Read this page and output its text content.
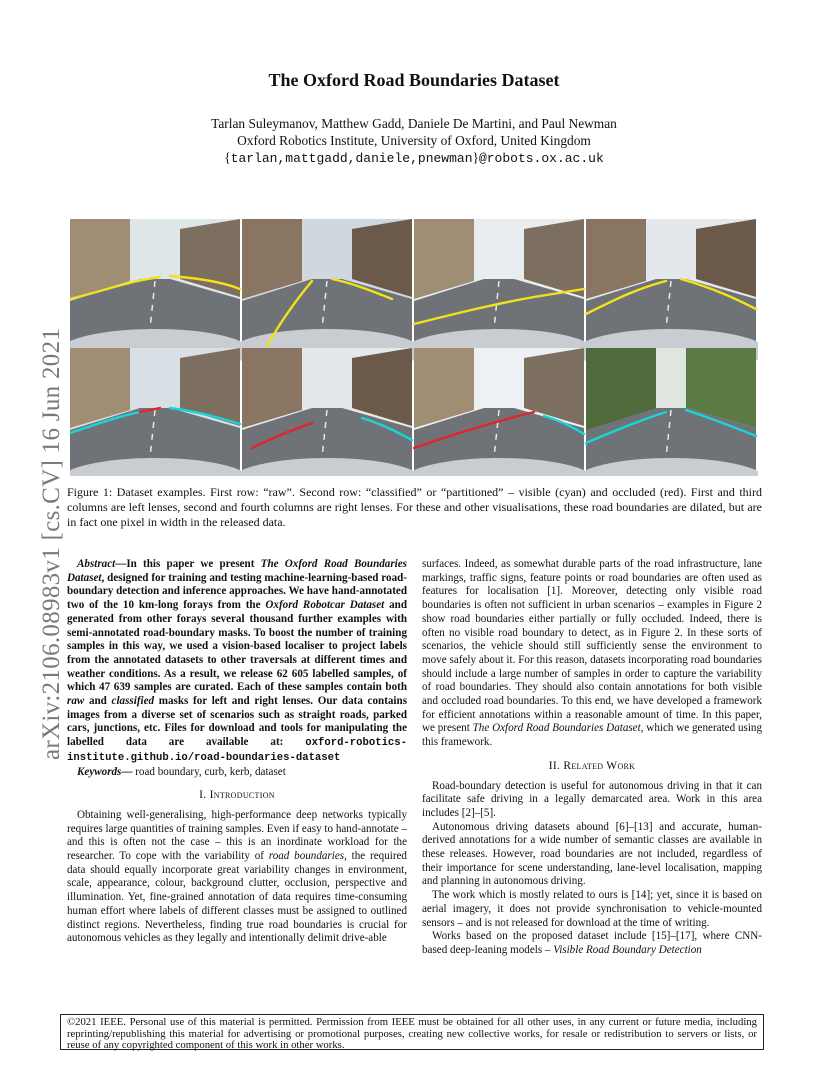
arXiv:2106.08983v1 [cs.CV] 16 Jun 2021
The Oxford Road Boundaries Dataset
Tarlan Suleymanov, Matthew Gadd, Daniele De Martini, and Paul Newman
Oxford Robotics Institute, University of Oxford, United Kingdom
{tarlan,mattgadd,daniele,pnewman}@robots.ox.ac.uk
Figure 1: Dataset examples. First row: “raw”. Second row: “classified” or “partitioned” – visible (cyan) and occluded (red). First and third columns are left lenses, second and fourth columns are right lenses. For these and other visualisations, these road boundaries are dilated, but are in fact one pixel in width in the released data.

Abstract—In this paper we present The Oxford Road Boundaries Dataset, designed for training and testing machine-learning-based road-boundary detection and inference approaches. We have hand-annotated two of the 10 km-long forays from the Oxford Robotcar Dataset and generated from other forays several thousand further examples with semi-annotated road-boundary masks. To boost the number of training samples in this way, we used a vision-based localiser to project labels from the annotated datasets to other traversals at different times and weather conditions. As a result, we release 62 605 labelled samples, of which 47 639 samples are curated. Each of these samples contain both raw and classified masks for left and right lenses. Our data contains images from a diverse set of scenarios such as straight roads, parked cars, junctions, etc. Files for download and tools for manipulating the labelled data are available at: oxford-robotics-institute.github.io/road-boundaries-dataset

Keywords— road boundary, curb, kerb, dataset

I. Introduction

Obtaining well-generalising, high-performance deep networks typically requires large quantities of training samples. Even if easy to hand-annotate – and this is often not the case – this is an inordinate workload for the researcher. To cope with the variability of road boundaries, the required data should equally incorporate great variability changes in environment, scale, appearance, colour, background clutter, occlusion, perspective and illumination. Yet, fine-grained annotation of data requires time-consuming human effort where labels of different classes must be assigned to outlined distinct regions. Nevertheless, finding true road boundaries is crucial for autonomous vehicles as they legally and intentionally delimit drive-able

surfaces. Indeed, as somewhat durable parts of the road infrastructure, lane markings, traffic signs, feature points or road boundaries are often used as features for localisation [1]. Moreover, detecting only visible road boundaries is often not sufficient in urban scenarios – examples in Figure 2 show road boundaries either partially or fully occluded. Indeed, there is often no visible road boundary to detect, as in Figure 2. In these sorts of scenarios, the vehicle should still sufficiently sense the environment to move safely about it. For this reason, datasets incorporating road boundaries should include a large number of samples in order to capture the variability of road boundaries. They should also contain annotations for both visible and occluded road boundaries. To this end, we have developed a framework for efficient annotations within a reasonable amount of time. In this paper, we present The Oxford Road Boundaries Dataset, which we generated using this framework.

II. Related Work

Road-boundary detection is useful for autonomous driving in that it can facilitate safe driving in a legally demarcated area. Work in this area includes [2]–[5].

Autonomous driving datasets abound [6]–[13] and accurate, human-derived annotations for a wide number of semantic classes are available in these releases. However, road boundaries are not included, regardless of their importance for scene understanding, lane-level localisation, mapping and planning in autonomous driving.

The work which is mostly related to ours is [14]; yet, since it is based on aerial imagery, it does not provide synchronisation to vehicle-mounted sensors – and is not released for download at the time of writing.

Works based on the proposed dataset include [15]–[17], where CNN-based deep-leaning models – Visible Road Boundary Detection

©2021 IEEE. Personal use of this material is permitted. Permission from IEEE must be obtained for all other uses, in any current or future media, including reprinting/republishing this material for advertising or promotional purposes, creating new collective works, for resale or redistribution to servers or lists, or reuse of any copyrighted component of this work in other works.
